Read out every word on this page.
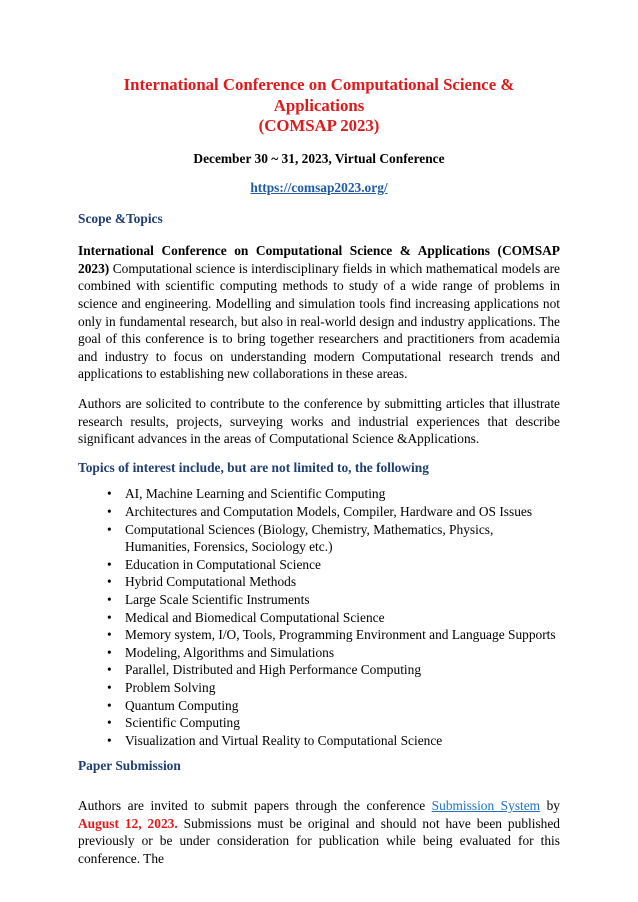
International Conference on Computational Science & Applications
(COMSAP 2023)

December 30 ~ 31, 2023, Virtual Conference

https://comsap2023.org/

Scope &Topics

International Conference on Computational Science & Applications (COMSAP 2023) Computational science is interdisciplinary fields in which mathematical models are combined with scientific computing methods to study of a wide range of problems in science and engineering. Modelling and simulation tools find increasing applications not only in fundamental research, but also in real-world design and industry applications. The goal of this conference is to bring together researchers and practitioners from academia and industry to focus on understanding modern Computational research trends and applications to establishing new collaborations in these areas.

Authors are solicited to contribute to the conference by submitting articles that illustrate research results, projects, surveying works and industrial experiences that describe significant advances in the areas of Computational Science &Applications.

Topics of interest include, but are not limited to, the following

• AI, Machine Learning and Scientific Computing
• Architectures and Computation Models, Compiler, Hardware and OS Issues
• Computational Sciences (Biology, Chemistry, Mathematics, Physics, Humanities, Forensics, Sociology etc.)
• Education in Computational Science
• Hybrid Computational Methods
• Large Scale Scientific Instruments
• Medical and Biomedical Computational Science
• Memory system, I/O, Tools, Programming Environment and Language Supports
• Modeling, Algorithms and Simulations
• Parallel, Distributed and High Performance Computing
• Problem Solving
• Quantum Computing
• Scientific Computing
• Visualization and Virtual Reality to Computational Science

Paper Submission

Authors are invited to submit papers through the conference Submission System by August 12, 2023. Submissions must be original and should not have been published previously or be under consideration for publication while being evaluated for this conference. The
